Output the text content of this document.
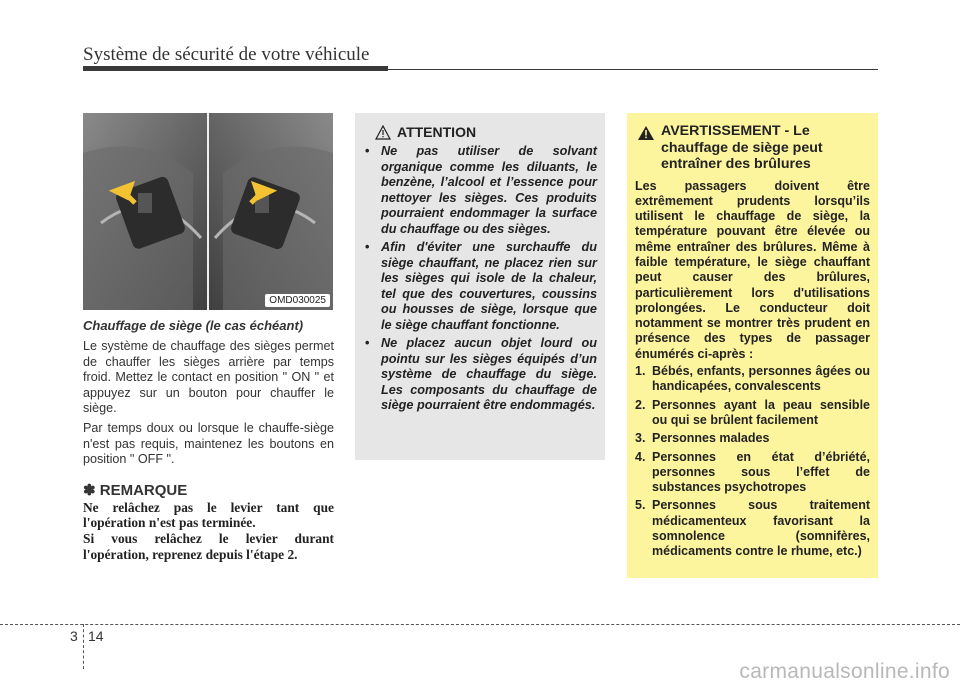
Système de sécurité de votre véhicule
OMD030025
Chauffage de siège (le cas échéant)

Le système de chauffage des sièges permet de chauffer les sièges arrière par temps froid. Mettez le contact en position " ON " et appuyez sur un bouton pour chauffer le siège.

Par temps doux ou lorsque le chauffe-siège n'est pas requis, maintenez les boutons en position " OFF ".

✽ REMARQUE
Ne relâchez pas le levier tant que l'opération n'est pas terminée.
Si vous relâchez le levier durant l'opération, reprenez depuis l'étape 2.
ATTENTION
• Ne pas utiliser de solvant organique comme les diluants, le benzène, l’alcool et l’essence pour nettoyer les sièges. Ces produits pourraient endommager la surface du chauffage ou des sièges.
• Afin d'éviter une surchauffe du siège chauffant, ne placez rien sur les sièges qui isole de la chaleur, tel que des couvertures, coussins ou housses de siège, lorsque que le siège chauffant fonctionne.
• Ne placez aucun objet lourd ou pointu sur les sièges équipés d’un système de chauffage du siège. Les composants du chauffage de siège pourraient être endommagés.
AVERTISSEMENT - Le chauffage de siège peut entraîner des brûlures
Les passagers doivent être extrêmement prudents lorsqu’ils utilisent le chauffage de siège, la température pouvant être élevée ou même entraîner des brûlures. Même à faible température, le siège chauffant peut causer des brûlures, particulièrement lors d'utilisations prolongées. Le conducteur doit notamment se montrer très prudent en présence des types de passager énumérés ci-après :
1. Bébés, enfants, personnes âgées ou handicapées, convalescents
2. Personnes ayant la peau sensible ou qui se brûlent facilement
3. Personnes malades
4. Personnes en état d’ébriété, personnes sous l’effet de substances psychotropes
5. Personnes sous traitement médicamenteux favorisant la somnolence (somnifères, médicaments contre le rhume, etc.)
3 14
carmanualsonline.info
